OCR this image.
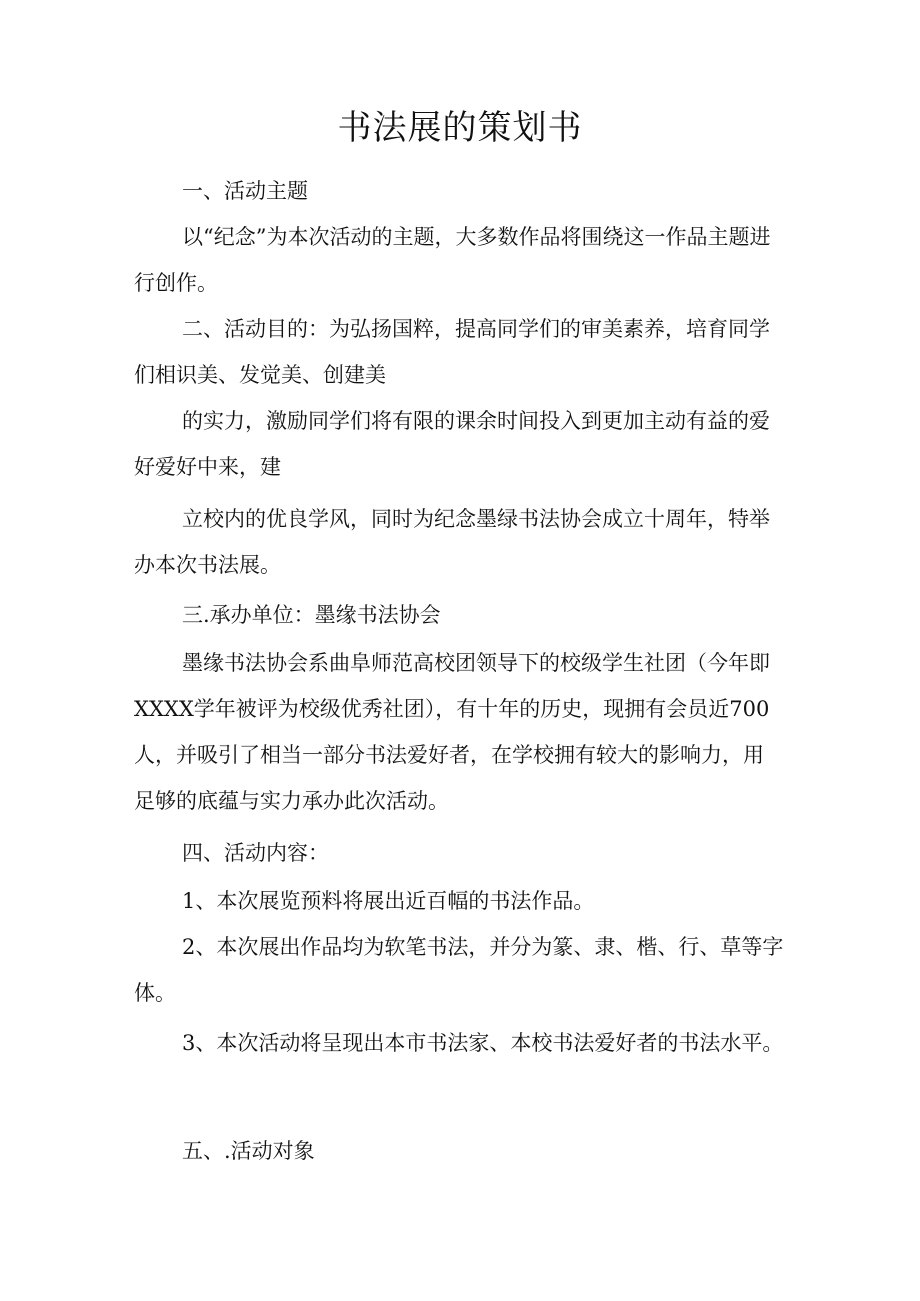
书法展的策划书

一、活动主题

以“纪念”为本次活动的主题，大多数作品将围绕这一作品主题进行创作。

二、活动目的：为弘扬国粹，提高同学们的审美素养，培育同学们相识美、发觉美、创建美

的实力，激励同学们将有限的课余时间投入到更加主动有益的爱好爱好中来，建

立校内的优良学风，同时为纪念墨绿书法协会成立十周年，特举办本次书法展。

三.承办单位：墨缘书法协会

墨缘书法协会系曲阜师范高校团领导下的校级学生社团（今年即XXXX学年被评为校级优秀社团），有十年的历史，现拥有会员近700人，并吸引了相当一部分书法爱好者，在学校拥有较大的影响力，用足够的底蕴与实力承办此次活动。

四、活动内容：

1、本次展览预料将展出近百幅的书法作品。

2、本次展出作品均为软笔书法，并分为篆、隶、楷、行、草等字体。

3、本次活动将呈现出本市书法家、本校书法爱好者的书法水平。

五、.活动对象
